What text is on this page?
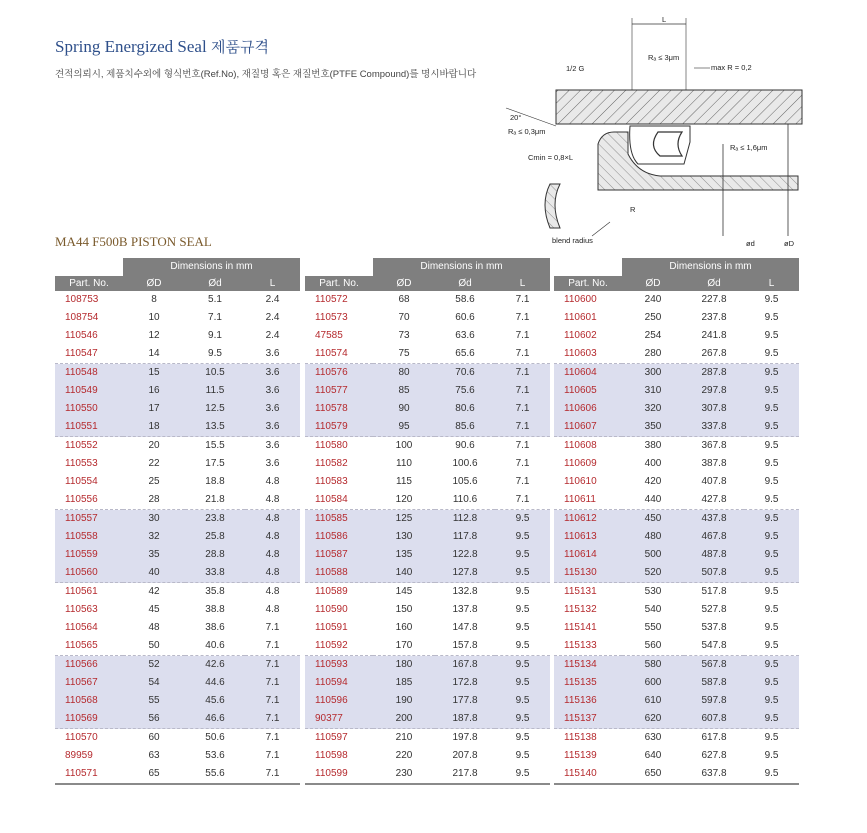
Spring Energized Seal 제품규격
견적의뢰시, 제품치수외에 형식번호(Ref.No), 재질명 혹은 재질번호(PTFE Compound)를 명시바랍니다
MA44 F500B PISTON SEAL
L
Rₐ ≤ 3μm
max R = 0,2
1/2 G
20°
Rₐ ≤ 0,3μm
Rₐ ≤ 1,6μm
Cmin = 0,8×L
R
blend radius	ød	øD
	Dimensions in mm		
Part. No.	ØD	Ød	L
108753	8	5.1	2.4
108754	10	7.1	2.4
110546	12	9.1	2.4
110547	14	9.5	3.6
110548	15	10.5	3.6
110549	16	11.5	3.6
110550	17	12.5	3.6
110551	18	13.5	3.6
110552	20	15.5	3.6
110553	22	17.5	3.6
110554	25	18.8	4.8
110556	28	21.8	4.8
110557	30	23.8	4.8
110558	32	25.8	4.8
110559	35	28.8	4.8
110560	40	33.8	4.8
110561	42	35.8	4.8
110563	45	38.8	4.8
110564	48	38.6	7.1
110565	50	40.6	7.1
110566	52	42.6	7.1
110567	54	44.6	7.1
110568	55	45.6	7.1
110569	56	46.6	7.1
110570	60	50.6	7.1
89959	63	53.6	7.1
110571	65	55.6	7.1
	Dimensions in mm		
Part. No.	ØD	Ød	L
110572	68	58.6	7.1
110573	70	60.6	7.1
47585	73	63.6	7.1
110574	75	65.6	7.1
110576	80	70.6	7.1
110577	85	75.6	7.1
110578	90	80.6	7.1
110579	95	85.6	7.1
110580	100	90.6	7.1
110582	110	100.6	7.1
110583	115	105.6	7.1
110584	120	110.6	7.1
110585	125	112.8	9.5
110586	130	117.8	9.5
110587	135	122.8	9.5
110588	140	127.8	9.5
110589	145	132.8	9.5
110590	150	137.8	9.5
110591	160	147.8	9.5
110592	170	157.8	9.5
110593	180	167.8	9.5
110594	185	172.8	9.5
110596	190	177.8	9.5
90377	200	187.8	9.5
110597	210	197.8	9.5
110598	220	207.8	9.5
110599	230	217.8	9.5
	Dimensions in mm		
Part. No.	ØD	Ød	L
110600	240	227.8	9.5
110601	250	237.8	9.5
110602	254	241.8	9.5
110603	280	267.8	9.5
110604	300	287.8	9.5
110605	310	297.8	9.5
110606	320	307.8	9.5
110607	350	337.8	9.5
110608	380	367.8	9.5
110609	400	387.8	9.5
110610	420	407.8	9.5
110611	440	427.8	9.5
110612	450	437.8	9.5
110613	480	467.8	9.5
110614	500	487.8	9.5
115130	520	507.8	9.5
115131	530	517.8	9.5
115132	540	527.8	9.5
115141	550	537.8	9.5
115133	560	547.8	9.5
115134	580	567.8	9.5
115135	600	587.8	9.5
115136	610	597.8	9.5
115137	620	607.8	9.5
115138	630	617.8	9.5
115139	640	627.8	9.5
115140	650	637.8	9.5
